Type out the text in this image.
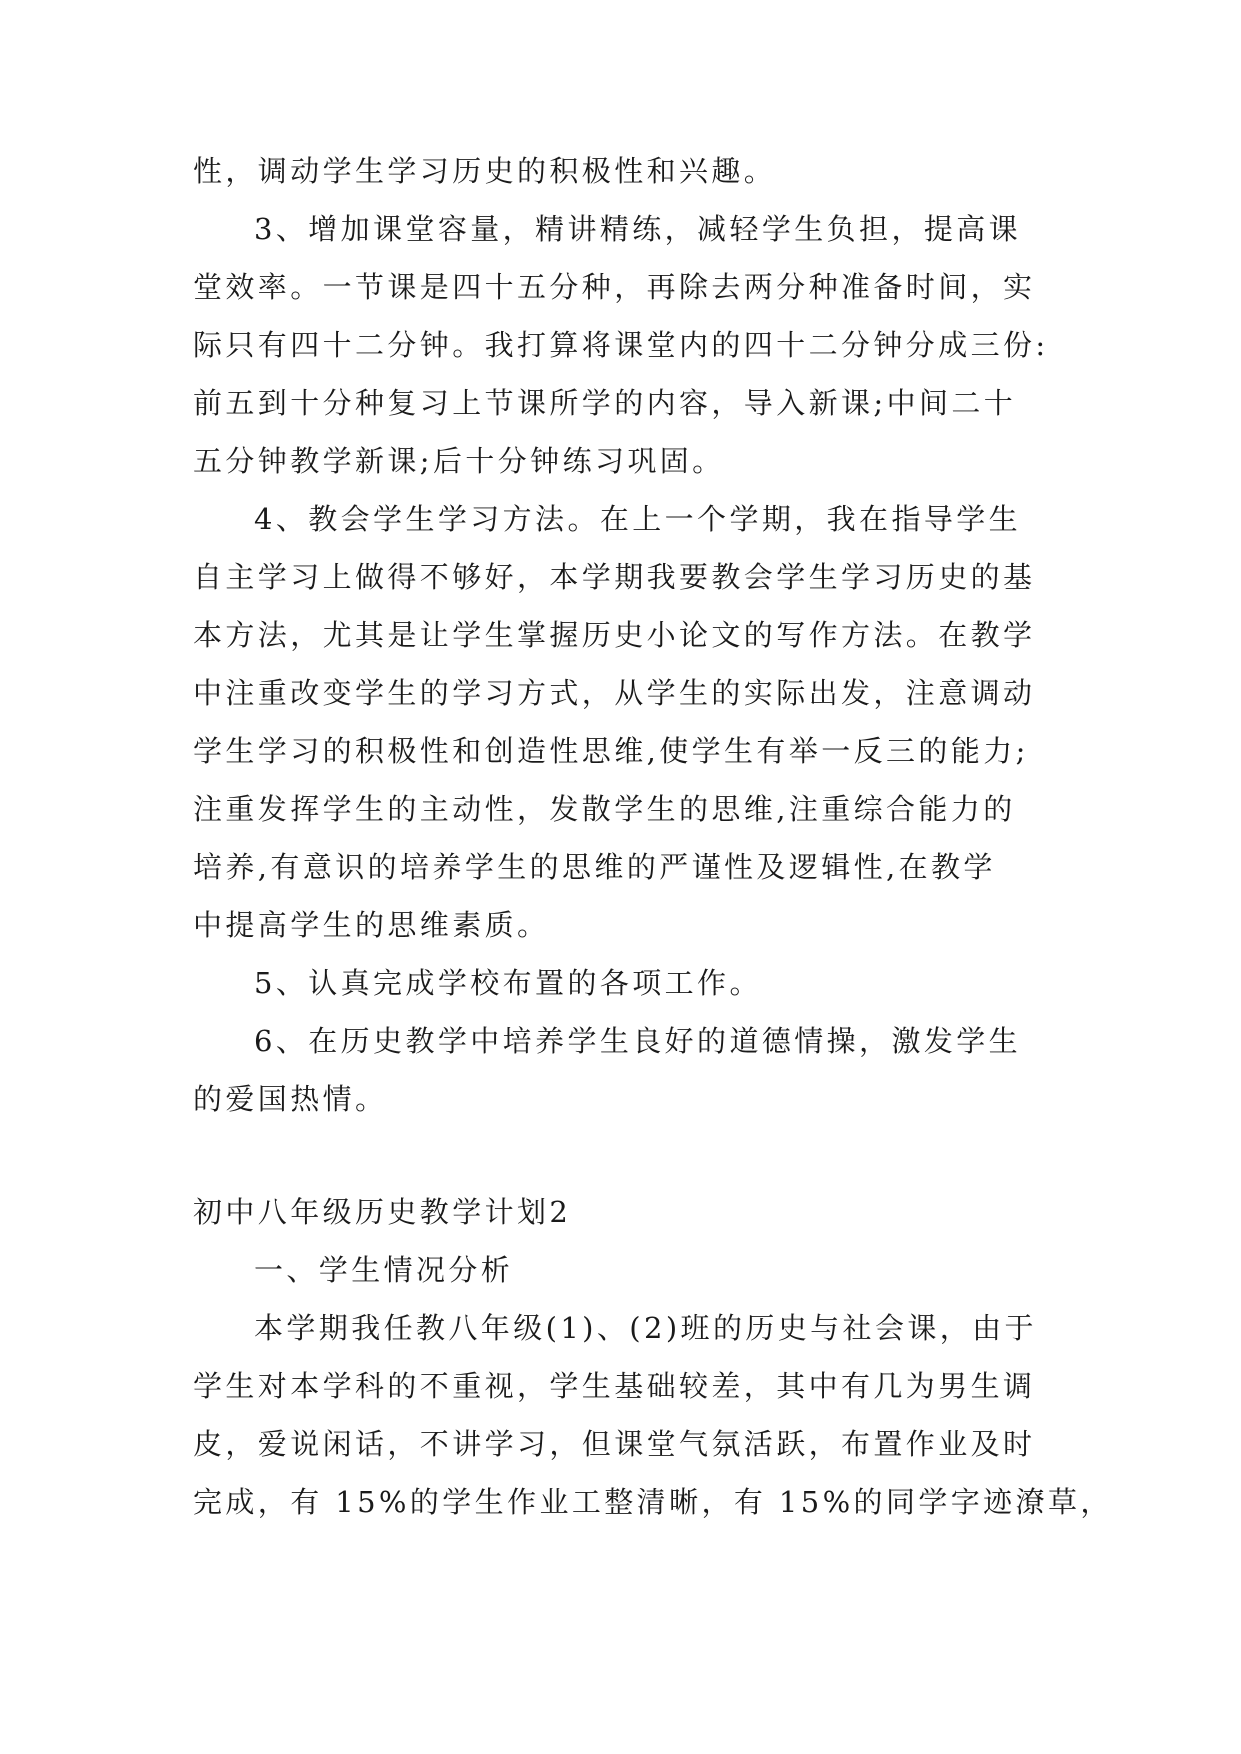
性，调动学生学习历史的积极性和兴趣。
3、增加课堂容量，精讲精练，减轻学生负担，提高课
堂效率。一节课是四十五分种，再除去两分种准备时间，实
际只有四十二分钟。我打算将课堂内的四十二分钟分成三份:
前五到十分种复习上节课所学的内容，导入新课;中间二十
五分钟教学新课;后十分钟练习巩固。
4、教会学生学习方法。在上一个学期，我在指导学生
自主学习上做得不够好，本学期我要教会学生学习历史的基
本方法，尤其是让学生掌握历史小论文的写作方法。在教学
中注重改变学生的学习方式，从学生的实际出发，注意调动
学生学习的积极性和创造性思维,使学生有举一反三的能力;
注重发挥学生的主动性，发散学生的思维,注重综合能力的
培养,有意识的培养学生的思维的严谨性及逻辑性,在教学
中提高学生的思维素质。
5、认真完成学校布置的各项工作。
6、在历史教学中培养学生良好的道德情操，激发学生
的爱国热情。
初中八年级历史教学计划2
一、学生情况分析
本学期我任教八年级(1)、(2)班的历史与社会课，由于
学生对本学科的不重视，学生基础较差，其中有几为男生调
皮，爱说闲话，不讲学习，但课堂气氛活跃，布置作业及时
完成，有 15%的学生作业工整清晰，有 15%的同学字迹潦草，
